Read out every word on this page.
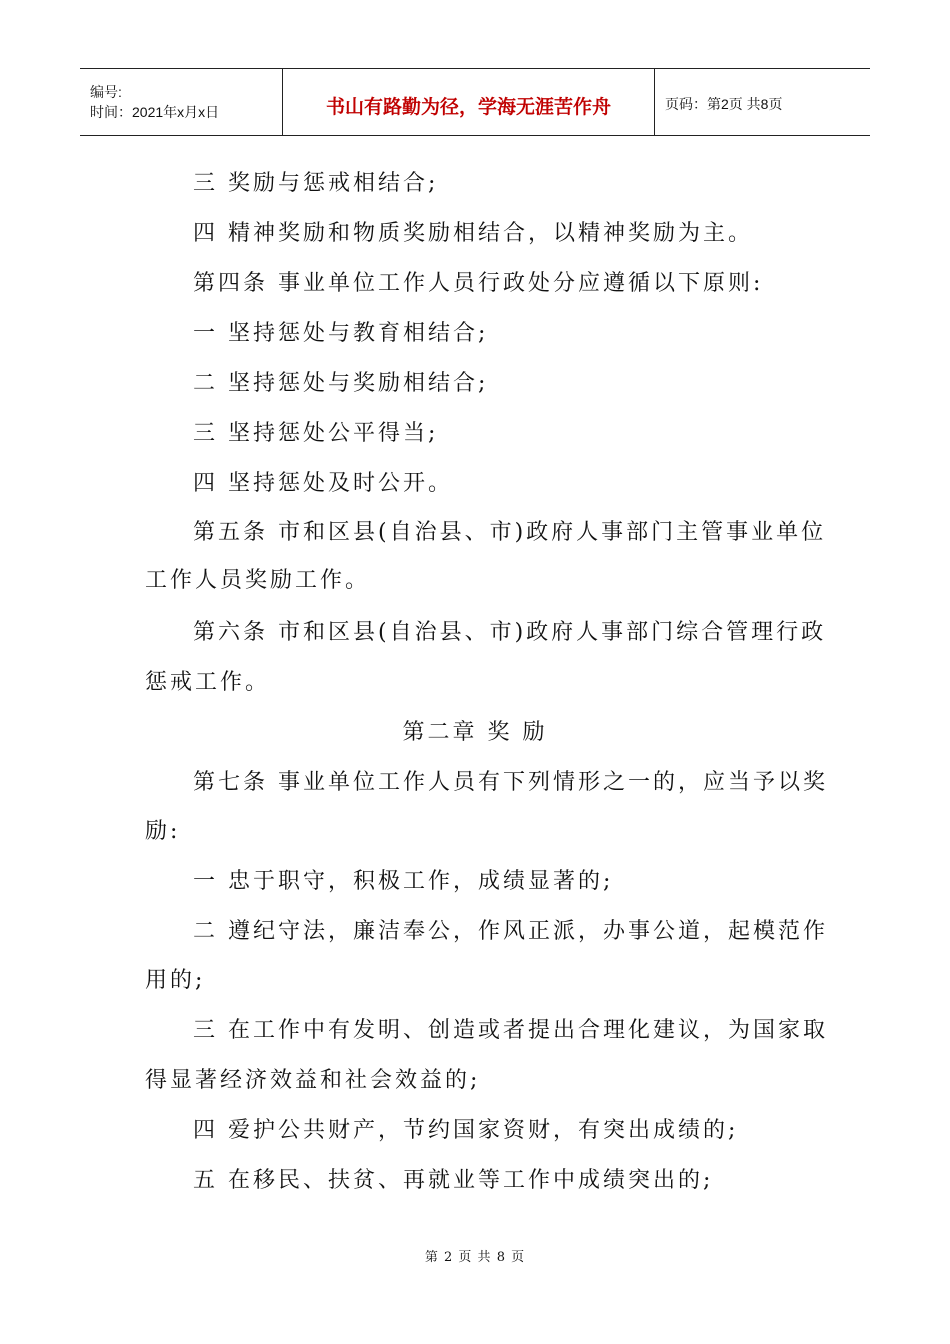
编号:
时间：2021年x月x日	书山有路勤为径，学海无涯苦作舟	页码：第2页 共8页
三 奖励与惩戒相结合;
四 精神奖励和物质奖励相结合，以精神奖励为主。
第四条 事业单位工作人员行政处分应遵循以下原则:
一 坚持惩处与教育相结合;
二 坚持惩处与奖励相结合;
三 坚持惩处公平得当;
四 坚持惩处及时公开。
第五条 市和区县(自治县、市)政府人事部门主管事业单位
工作人员奖励工作。
第六条 市和区县(自治县、市)政府人事部门综合管理行政
惩戒工作。
第二章 奖 励
第七条 事业单位工作人员有下列情形之一的，应当予以奖
励:
一 忠于职守，积极工作，成绩显著的;
二 遵纪守法，廉洁奉公，作风正派，办事公道，起模范作
用的;
三 在工作中有发明、创造或者提出合理化建议，为国家取
得显著经济效益和社会效益的;
四 爱护公共财产，节约国家资财，有突出成绩的;
五 在移民、扶贫、再就业等工作中成绩突出的;
第 2 页 共 8 页
